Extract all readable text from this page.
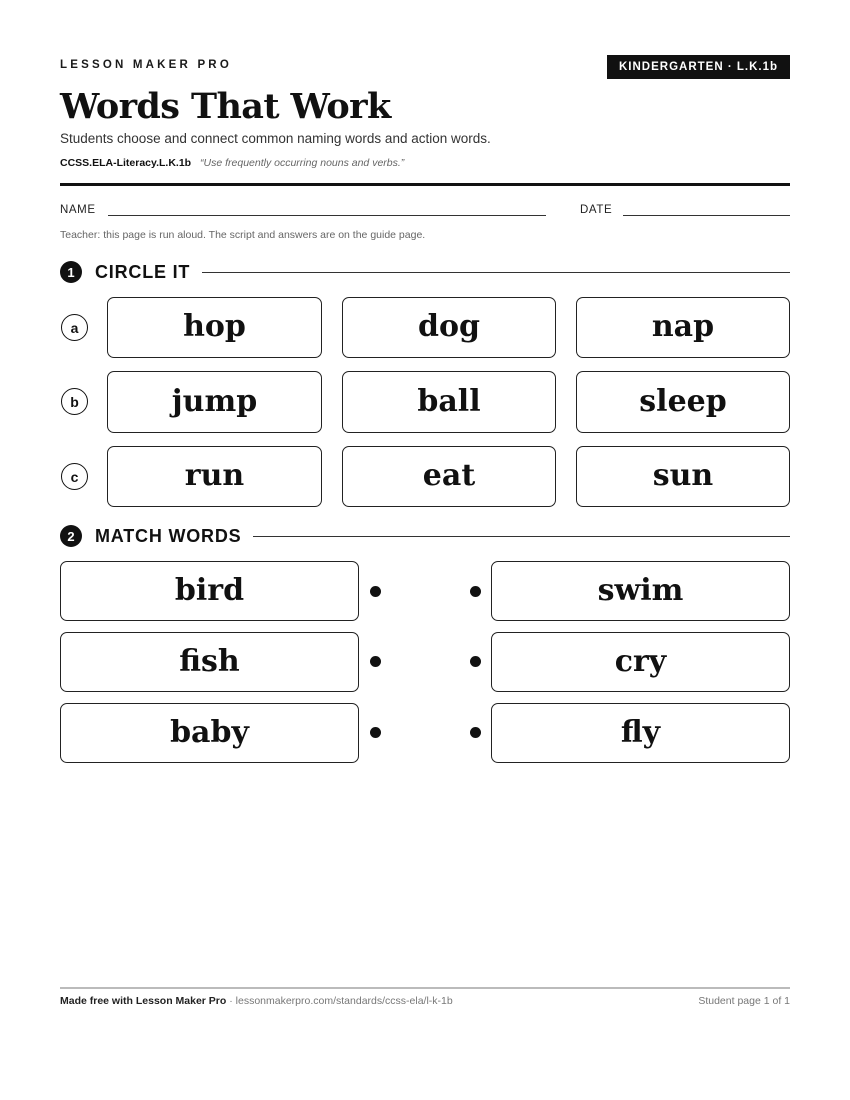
LESSON MAKER PRO	KINDERGARTEN · L.K.1b
Words That Work
Students choose and connect common naming words and action words.
CCSS.ELA-Literacy.L.K.1b “Use frequently occurring nouns and verbs.”
NAME	DATE
Teacher: this page is run aloud. The script and answers are on the guide page.
1	CIRCLE IT
a	hop	dog	nap
b	jump	ball	sleep
c	run	eat	sun
2	MATCH WORDS
bird	swim
fish	cry
baby	fly
Made free with Lesson Maker Pro · lessonmakerpro.com/standards/ccss-ela/l-k-1b	Student page 1 of 1
